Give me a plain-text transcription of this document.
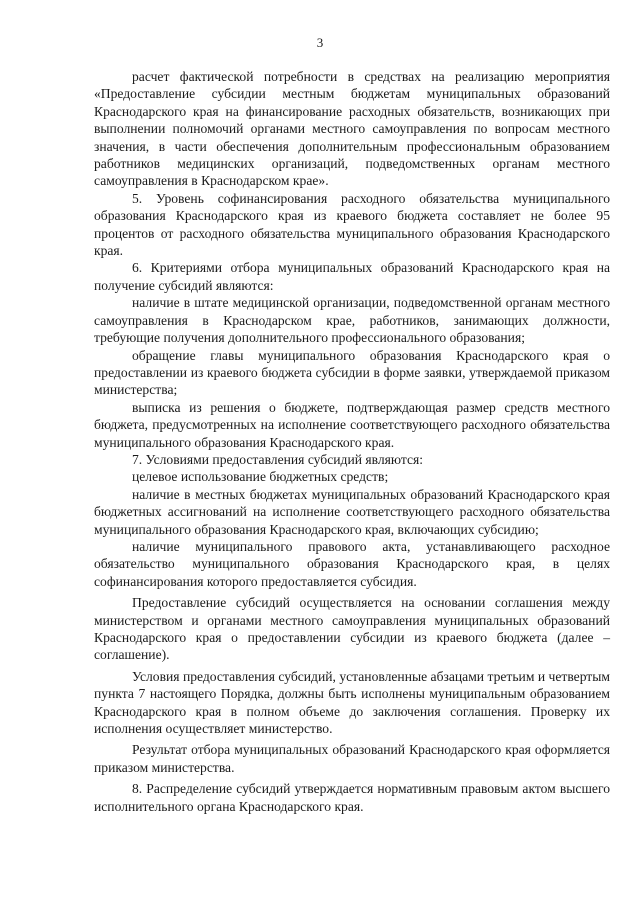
3

расчет фактической потребности в средствах на реализацию мероприятия «Предоставление субсидии местным бюджетам муниципальных образований Краснодарского края на финансирование расходных обязательств, возникающих при выполнении полномочий органами местного самоуправления по вопросам местного значения, в части обеспечения дополнительным профессиональным образованием работников медицинских организаций, подведомственных органам местного самоуправления в Краснодарском крае».

5. Уровень софинансирования расходного обязательства муниципального образования Краснодарского края из краевого бюджета составляет не более 95 процентов от расходного обязательства муниципального образования Краснодарского края.

6. Критериями отбора муниципальных образований Краснодарского края на получение субсидий являются:

наличие в штате медицинской организации, подведомственной органам местного самоуправления в Краснодарском крае, работников, занимающих должности, требующие получения дополнительного профессионального образования;

обращение главы муниципального образования Краснодарского края о предоставлении из краевого бюджета субсидии в форме заявки, утверждаемой приказом министерства;

выписка из решения о бюджете, подтверждающая размер средств местного бюджета, предусмотренных на исполнение соответствующего расходного обязательства муниципального образования Краснодарского края.

7. Условиями предоставления субсидий являются:

целевое использование бюджетных средств;

наличие в местных бюджетах муниципальных образований Краснодарского края бюджетных ассигнований на исполнение соответствующего расходного обязательства муниципального образования Краснодарского края, включающих субсидию;

наличие муниципального правового акта, устанавливающего расходное обязательство муниципального образования Краснодарского края, в целях софинансирования которого предоставляется субсидия.

Предоставление субсидий осуществляется на основании соглашения между министерством и органами местного самоуправления муниципальных образований Краснодарского края о предоставлении субсидии из краевого бюджета (далее – соглашение).

Условия предоставления субсидий, установленные абзацами третьим и четвертым пункта 7 настоящего Порядка, должны быть исполнены муниципальным образованием Краснодарского края в полном объеме до заключения соглашения. Проверку их исполнения осуществляет министерство.

Результат отбора муниципальных образований Краснодарского края оформляется приказом министерства.

8. Распределение субсидий утверждается нормативным правовым актом высшего исполнительного органа Краснодарского края.
